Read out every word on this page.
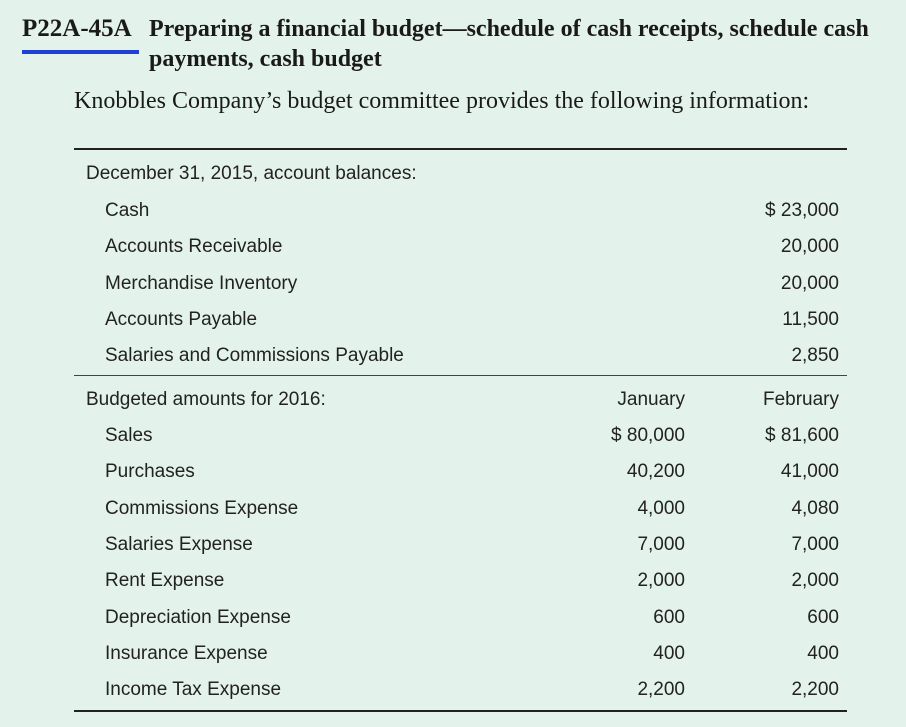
P22A-45A Preparing a financial budget—schedule of cash receipts, schedule cash payments, cash budget
Knobbles Company’s budget committee provides the following information:
December 31, 2015, account balances:
Cash	$ 23,000
Accounts Receivable	20,000
Merchandise Inventory	20,000
Accounts Payable	11,500
Salaries and Commissions Payable	2,850
Budgeted amounts for 2016:	January	February
Sales	$ 80,000	$ 81,600
Purchases	40,200	41,000
Commissions Expense	4,000	4,080
Salaries Expense	7,000	7,000
Rent Expense	2,000	2,000
Depreciation Expense	600	600
Insurance Expense	400	400
Income Tax Expense	2,200	2,200
